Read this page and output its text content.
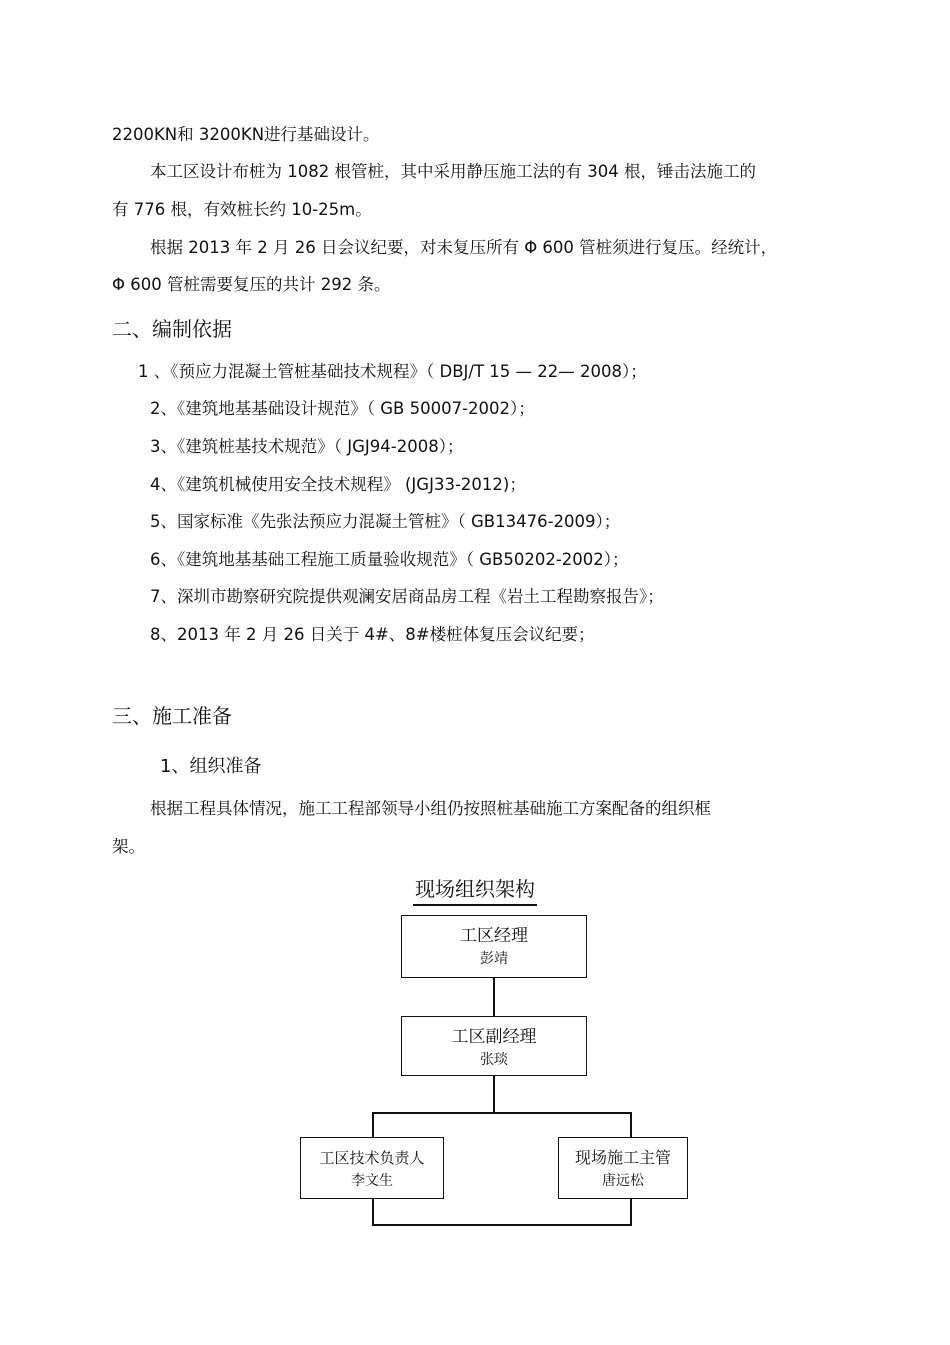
2200KN和 3200KN进行基础设计。
本工区设计布桩为 1082 根管桩，其中采用静压施工法的有 304 根，锤击法施工的
有 776 根，有效桩长约 10-25m。
根据 2013 年 2 月 26 日会议纪要，对未复压所有 Φ 600 管桩须进行复压。经统计，
Φ 600 管桩需要复压的共计 292 条。
二、编制依据
1 、《预应力混凝土管桩基础技术规程》（ DBJ/T 15 — 22— 2008）；
2、《建筑地基基础设计规范》（ GB 50007-2002）；
3、《建筑桩基技术规范》（ JGJ94-2008）；
4、《建筑机械使用安全技术规程》 (JGJ33-2012)；
5、国家标准《先张法预应力混凝土管桩》（ GB13476-2009）；
6、《建筑地基基础工程施工质量验收规范》（ GB50202-2002）；
7、深圳市勘察研究院提供观澜安居商品房工程《岩土工程勘察报告》；
8、2013 年 2 月 26 日关于 4#、8#楼桩体复压会议纪要；
三、施工准备
1、组织准备
根据工程具体情况，施工工程部领导小组仍按照桩基础施工方案配备的组织框
架。
现场组织架构
工区经理
彭靖
工区副经理
张琰
工区技术负责人
李文生
现场施工主管
唐远松
